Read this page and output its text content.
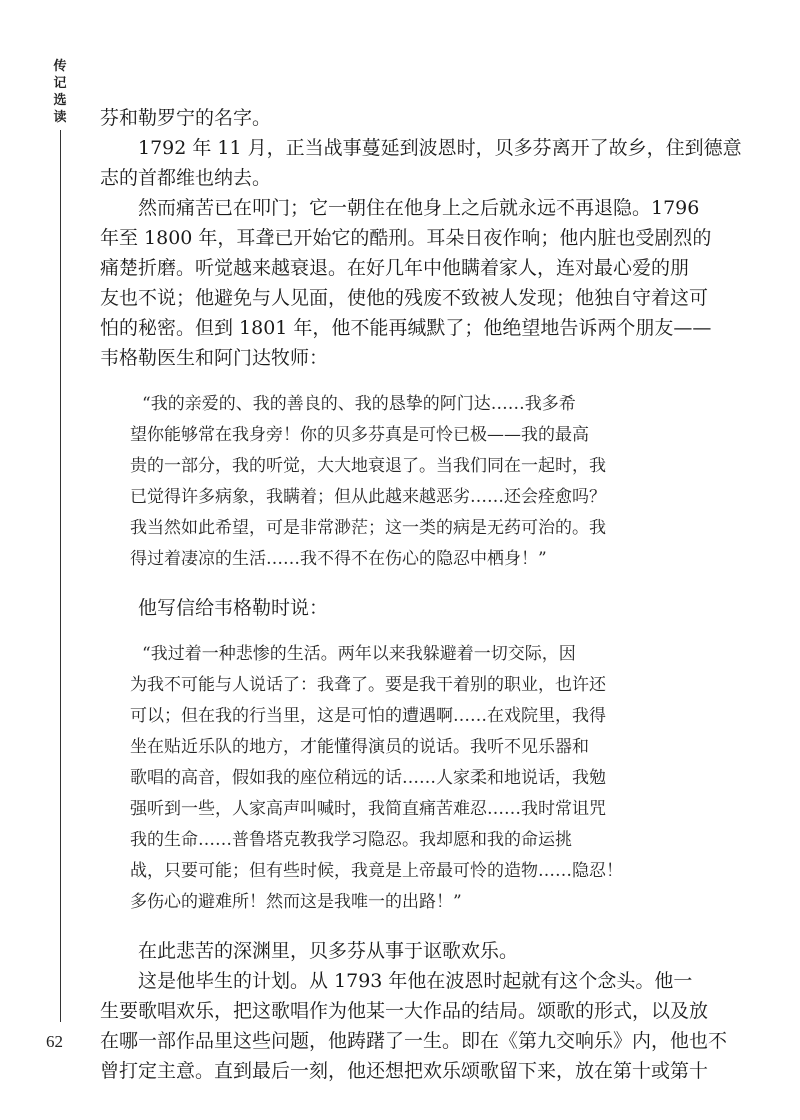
传
记
选
读
62

芬和勒罗宁的名字。

1792 年 11 月，正当战事蔓延到波恩时，贝多芬离开了故乡，住到德意
志的首都维也纳去。

然而痛苦已在叩门；它一朝住在他身上之后就永远不再退隐。1796
年至 1800 年，耳聋已开始它的酷刑。耳朵日夜作响；他内脏也受剧烈的
痛楚折磨。听觉越来越衰退。在好几年中他瞒着家人，连对最心爱的朋
友也不说；他避免与人见面，使他的残废不致被人发现；他独自守着这可
怕的秘密。但到 1801 年，他不能再缄默了；他绝望地告诉两个朋友——
韦格勒医生和阿门达牧师：

“我的亲爱的、我的善良的、我的恳挚的阿门达……我多希
望你能够常在我身旁！你的贝多芬真是可怜已极——我的最高
贵的一部分，我的听觉，大大地衰退了。当我们同在一起时，我
已觉得许多病象，我瞒着；但从此越来越恶劣……还会痊愈吗？
我当然如此希望，可是非常渺茫；这一类的病是无药可治的。我
得过着凄凉的生活……我不得不在伤心的隐忍中栖身！”

他写信给韦格勒时说：

“我过着一种悲惨的生活。两年以来我躲避着一切交际，因
为我不可能与人说话了：我聋了。要是我干着别的职业，也许还
可以；但在我的行当里，这是可怕的遭遇啊……在戏院里，我得
坐在贴近乐队的地方，才能懂得演员的说话。我听不见乐器和
歌唱的高音，假如我的座位稍远的话……人家柔和地说话，我勉
强听到一些，人家高声叫喊时，我简直痛苦难忍……我时常诅咒
我的生命……普鲁塔克教我学习隐忍。我却愿和我的命运挑
战，只要可能；但有些时候，我竟是上帝最可怜的造物……隐忍！
多伤心的避难所！然而这是我唯一的出路！”

在此悲苦的深渊里，贝多芬从事于讴歌欢乐。

这是他毕生的计划。从 1793 年他在波恩时起就有这个念头。他一
生要歌唱欢乐，把这歌唱作为他某一大作品的结局。颂歌的形式，以及放
在哪一部作品里这些问题，他踌躇了一生。即在《第九交响乐》内，他也不
曾打定主意。直到最后一刻，他还想把欢乐颂歌留下来，放在第十或第十
